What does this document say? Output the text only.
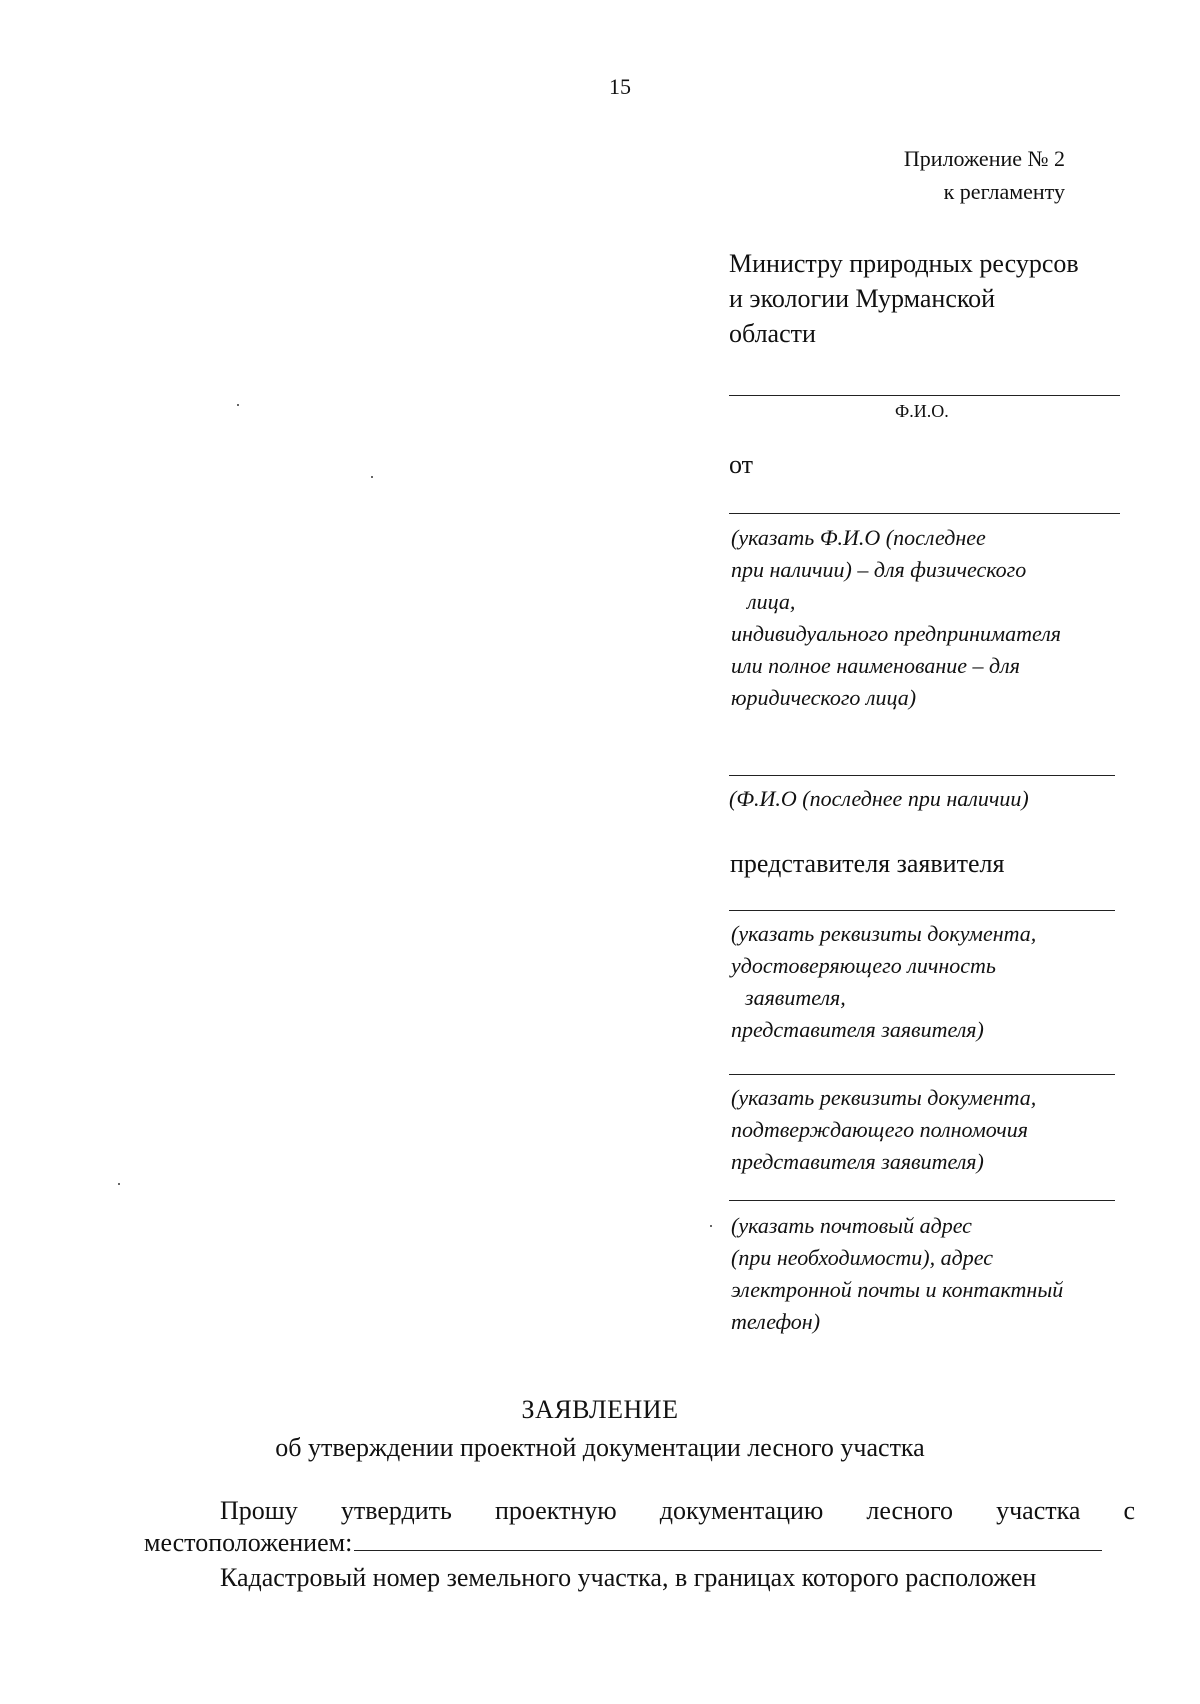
15
Приложение № 2
к регламенту
Министру природных ресурсов
и экологии Мурманской
области
Ф.И.О.
от
(указать Ф.И.О (последнее
при наличии) – для физического
лица,
индивидуального предпринимателя
или полное наименование – для
юридического лица)
(Ф.И.О (последнее при наличии)
представителя заявителя
(указать реквизиты документа,
удостоверяющего личность
заявителя,
представителя заявителя)
(указать реквизиты документа,
подтверждающего полномочия
представителя заявителя)
(указать почтовый адрес
(при необходимости), адрес
электронной почты и контактный
телефон)
ЗАЯВЛЕНИЕ
об утверждении проектной документации лесного участка
Прошу утвердить проектную документацию лесного участка с
местоположением:
Кадастровый номер земельного участка, в границах которого расположен
